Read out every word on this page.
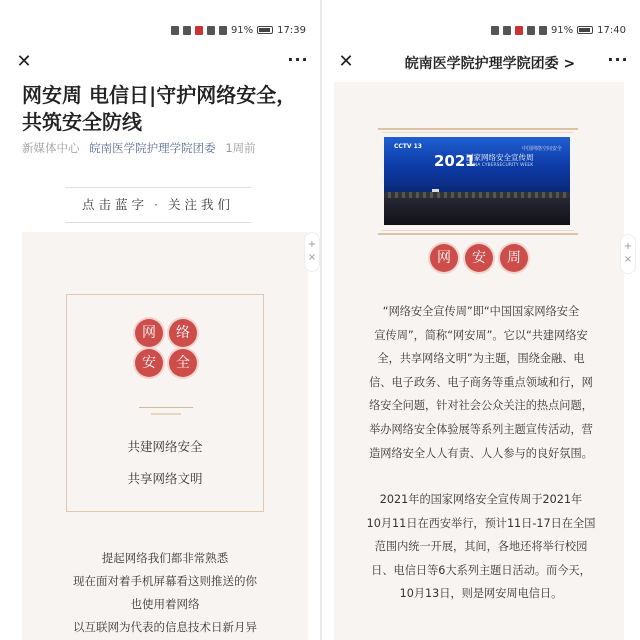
91% 17:39
✕	···
网安周 电信日|守护网络安全，共筑安全防线
新媒体中心 皖南医学院护理学院团委 1周前
点击蓝字 · 关注我们
网	络
安	全
共建网络安全
共享网络文明
提起网络我们都非常熟悉
现在面对着手机屏幕看这则推送的你
也使用着网络
以互联网为代表的信息技术日新月异
+
×
91% 17:40
✕	皖南医学院护理学院团委 >	···
CCTV 13	中国网络空间安全
2021
国家网络安全宣传周
CHINA CYBERSECURITY WEEK
网	安	周
“网络安全宣传周”即“中国国家网络安全
宣传周”，简称“网安周”。它以“共建网络安
全，共享网络文明”为主题，围绕金融、电
信、电子政务、电子商务等重点领域和行，网
络安全问题，针对社会公众关注的热点问题，
举办网络安全体验展等系列主题宣传活动，营
造网络安全人人有责、人人参与的良好氛围。
2021年的国家网络安全宣传周于2021年
10月11日在西安举行，预计11日-17日在全国
范围内统一开展，其间，各地还将举行校园
日、电信日等6大系列主题日活动。而今天，
10月13日，则是网安周电信日。
+
×
